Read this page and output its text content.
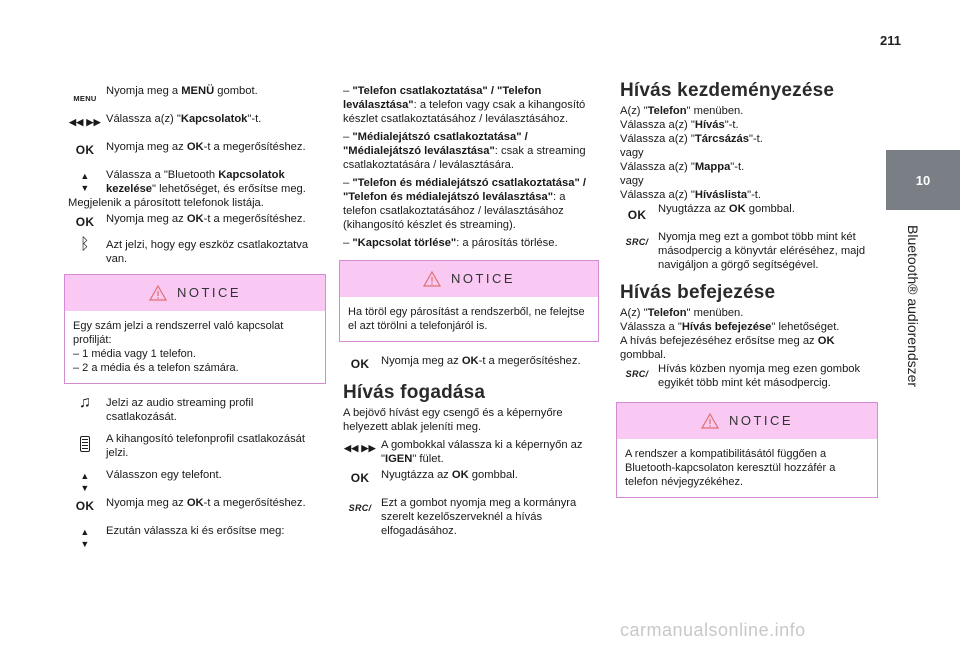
211
10
Bluetooth® audiorendszer
MENU
Nyomja meg a MENÜ gombot.
◀◀ ▶▶ Válassza a(z) "Kapcsolatok"-t.
OK	Nyomja meg az OK-t a megerősítéshez.
▲
▼
Válassza a "Bluetooth Kapcsolatok kezelése" lehetőséget, és erősítse meg.
Megjelenik a párosított telefonok listája.
OK	Nyomja meg az OK-t a megerősítéshez.
ᛒ	Azt jelzi, hogy egy eszköz csatlakoztatva van.
NOTICE
Egy szám jelzi a rendszerrel való kapcsolat profilját:
– 1 média vagy 1 telefon.
– 2 a média és a telefon számára.
♫	Jelzi az audio streaming profil csatlakozását.
A kihangosító telefonprofil csatlakozását jelzi.
▲
▼
Válasszon egy telefont.
OK	Nyomja meg az OK-t a megerősítéshez.
▲
▼
Ezután válassza ki és erősítse meg:
– "Telefon csatlakoztatása" / "Telefon leválasztása": a telefon vagy csak a kihangosító készlet csatlakoztatásához / leválasztásához.
– "Médialejátszó csatlakoztatása" / "Médialejátszó leválasztása": csak a streaming csatlakoztatására / leválasztására.
– "Telefon és médialejátszó csatlakoztatása" / "Telefon és médialejátszó leválasztása": a telefon csatlakoztatásához / leválasztásához (kihangosító készlet és streaming).
– "Kapcsolat törlése": a párosítás törlése.
NOTICE
Ha töröl egy párosítást a rendszerből, ne felejtse el azt törölni a telefonjáról is.
OK	Nyomja meg az OK-t a megerősítéshez.
Hívás fogadása
A bejövő hívást egy csengő és a képernyőre helyezett ablak jeleníti meg.
◀◀ ▶▶ A gombokkal válassza ki a képernyőn az "IGEN" fület.
OK	Nyugtázza az OK gombbal.
SRC/ Ezt a gombot nyomja meg a kormányra szerelt kezelőszerveknél a hívás elfogadásához.
Hívás kezdeményezése
A(z) "Telefon" menüben.
Válassza a(z) "Hívás"-t.
Válassza a(z) "Tárcsázás"-t.
vagy
Válassza a(z) "Mappa"-t.
vagy
Válassza a(z) "Híváslista"-t.
OK	Nyugtázza az OK gombbal.
SRC/ Nyomja meg ezt a gombot több mint két másodpercig a könyvtár eléréséhez, majd navigáljon a görgő segítségével.
Hívás befejezése
A(z) "Telefon" menüben.
Válassza a "Hívás befejezése" lehetőséget.
A hívás befejezéséhez erősítse meg az OK gombbal.
SRC/ Hívás közben nyomja meg ezen gombok egyikét több mint két másodpercig.
NOTICE
A rendszer a kompatibilitásától függően a Bluetooth-kapcsolaton keresztül hozzáfér a telefon névjegyzékéhez.
carmanualsonline.info
